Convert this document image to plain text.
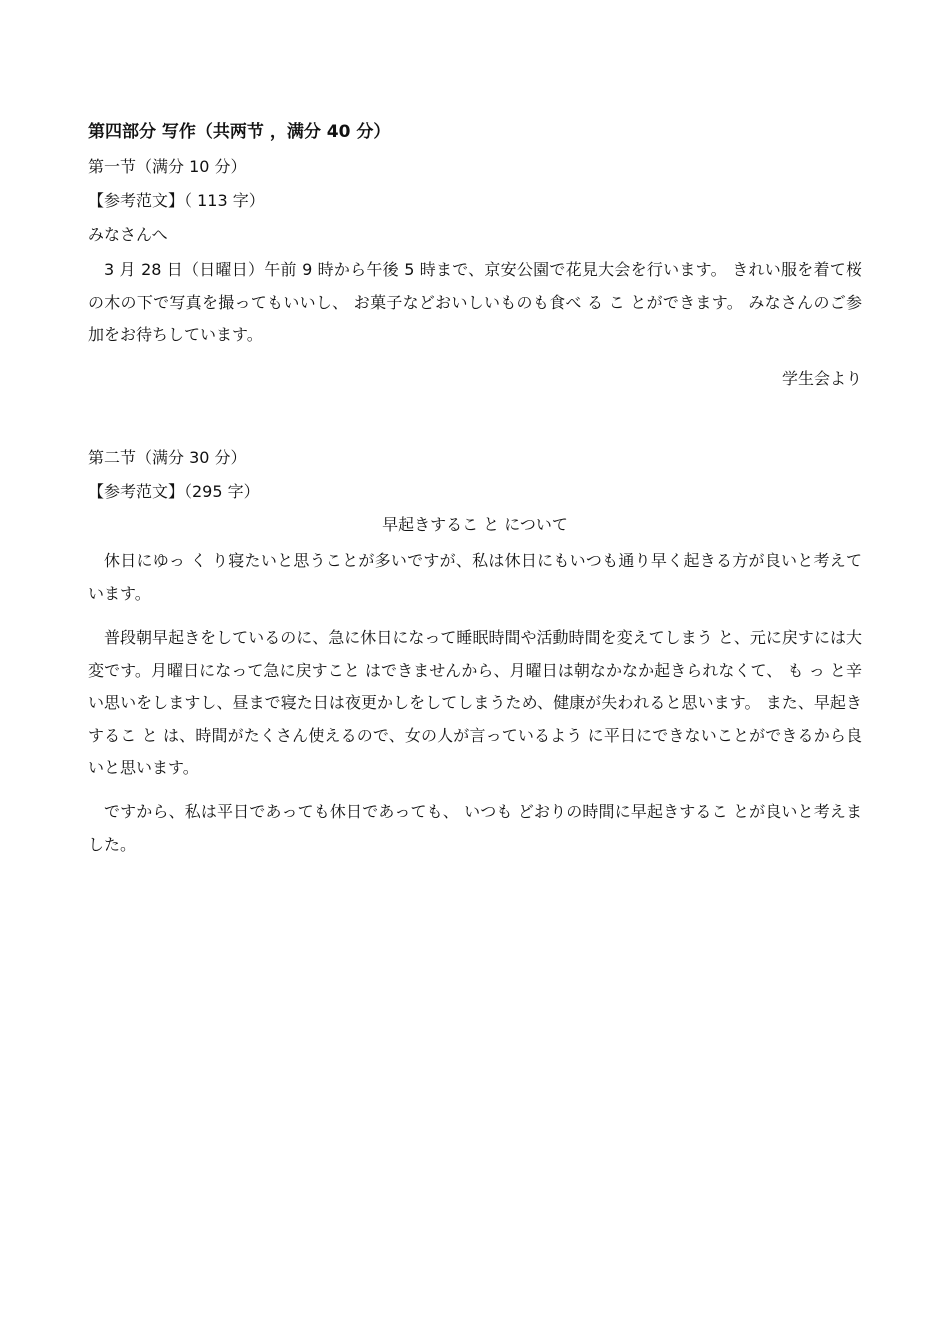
第四部分 写作（共两节 ，满分 40 分）
第一节（满分 10 分）
【参考范文】（ 113 字）
みなさんへ
3 月 28 日（日曜日）午前 9 時から午後 5 時まで、京安公園で花見大会を行います。 きれい服を着て桜の木の下で写真を撮ってもいいし、 お菓子などおいしいものも食べ る こ とができます。 みなさんのご参加をお待ちしています。
学生会より
第二节（满分 30 分）
【参考范文】（295 字）
早起きするこ と について
休日にゆっ く り寝たいと思うことが多いですが、私は休日にもいつも通り早く起きる方が良いと考えています。
普段朝早起きをしているのに、急に休日になって睡眠時間や活動時間を変えてしまう と、元に戻すには大変です。月曜日になって急に戻すこと はできませんから、月曜日は朝なかなか起きられなくて、 も っ と辛い思いをしますし、昼まで寝た日は夜更かしをしてしまうため、健康が失われると思います。 また、早起きするこ と は、時間がたくさん使えるので、女の人が言っているよう に平日にできないことができるから良いと思います。
ですから、私は平日であっても休日であっても、 いつも どおりの時間に早起きするこ とが良いと考えました。
